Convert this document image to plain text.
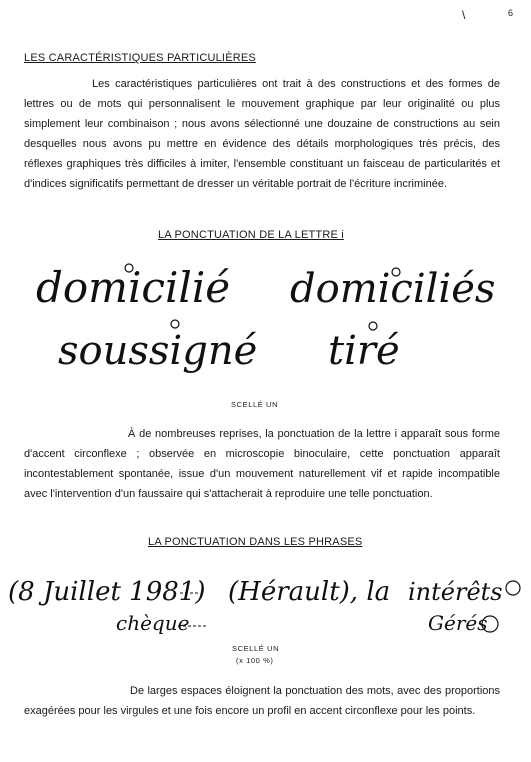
\	6
LES CARACTÉRISTIQUES PARTICULIÈRES

Les caractéristiques particulières ont trait à des constructions et des formes de lettres ou de mots qui personnalisent le mouvement graphique par leur originalité ou plus simplement leur combinaison ; nous avons sélectionné une douzaine de constructions au sein desquelles nous avons pu mettre en évidence des détails morphologiques très précis, des réflexes graphiques très difficiles à imiter, l'ensemble constituant un faisceau de particularités et d'indices significatifs permettant de dresser un véritable portrait de l'écriture incriminée.

LA PONCTUATION DE LA LETTRE i
domicilié domiciliés
soussigné tiré
SCELLÉ UN

À de nombreuses reprises, la ponctuation de la lettre i apparaît sous forme d'accent circonflexe ; observée en microscopie binoculaire, cette ponctuation apparaît incontestablement spontanée, issue d'un mouvement naturellement vif et rapide incompatible avec l'intervention d'un faussaire qui s'attacherait à reproduire une telle ponctuation.

LA PONCTUATION DANS LES PHRASES
(8 Juillet 1981) (Hérault), la intérêts
chèque	Gérés
SCELLÉ UN
(x 100 %)

De larges espaces éloignent la ponctuation des mots, avec des proportions exagérées pour les virgules et une fois encore un profil en accent circonflexe pour les points.
